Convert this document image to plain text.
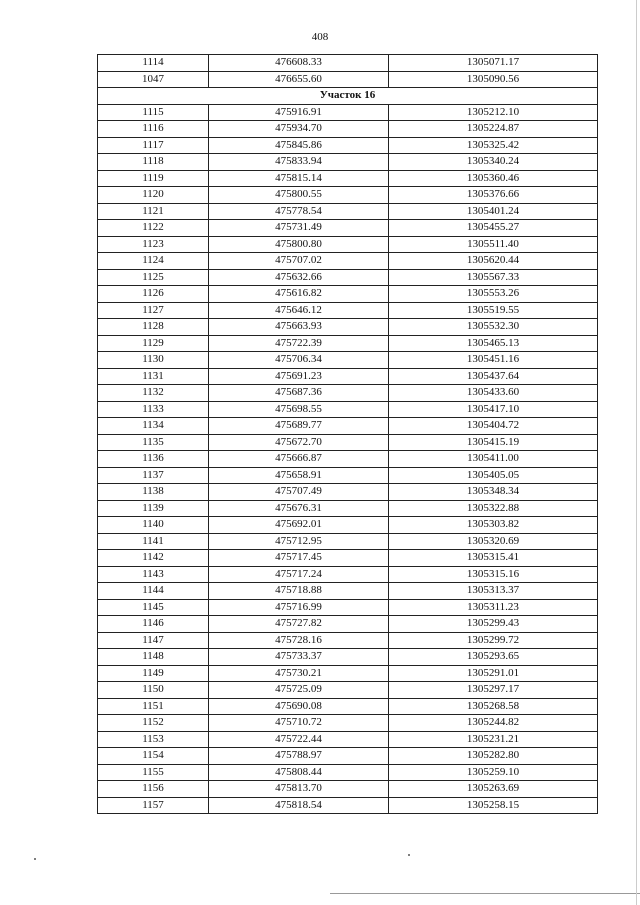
408
1114	476608.33	1305071.17
1047	476655.60	1305090.56
Участок 16		
1115	475916.91	1305212.10
1116	475934.70	1305224.87
1117	475845.86	1305325.42
1118	475833.94	1305340.24
1119	475815.14	1305360.46
1120	475800.55	1305376.66
1121	475778.54	1305401.24
1122	475731.49	1305455.27
1123	475800.80	1305511.40
1124	475707.02	1305620.44
1125	475632.66	1305567.33
1126	475616.82	1305553.26
1127	475646.12	1305519.55
1128	475663.93	1305532.30
1129	475722.39	1305465.13
1130	475706.34	1305451.16
1131	475691.23	1305437.64
1132	475687.36	1305433.60
1133	475698.55	1305417.10
1134	475689.77	1305404.72
1135	475672.70	1305415.19
1136	475666.87	1305411.00
1137	475658.91	1305405.05
1138	475707.49	1305348.34
1139	475676.31	1305322.88
1140	475692.01	1305303.82
1141	475712.95	1305320.69
1142	475717.45	1305315.41
1143	475717.24	1305315.16
1144	475718.88	1305313.37
1145	475716.99	1305311.23
1146	475727.82	1305299.43
1147	475728.16	1305299.72
1148	475733.37	1305293.65
1149	475730.21	1305291.01
1150	475725.09	1305297.17
1151	475690.08	1305268.58
1152	475710.72	1305244.82
1153	475722.44	1305231.21
1154	475788.97	1305282.80
1155	475808.44	1305259.10
1156	475813.70	1305263.69
1157	475818.54	1305258.15
